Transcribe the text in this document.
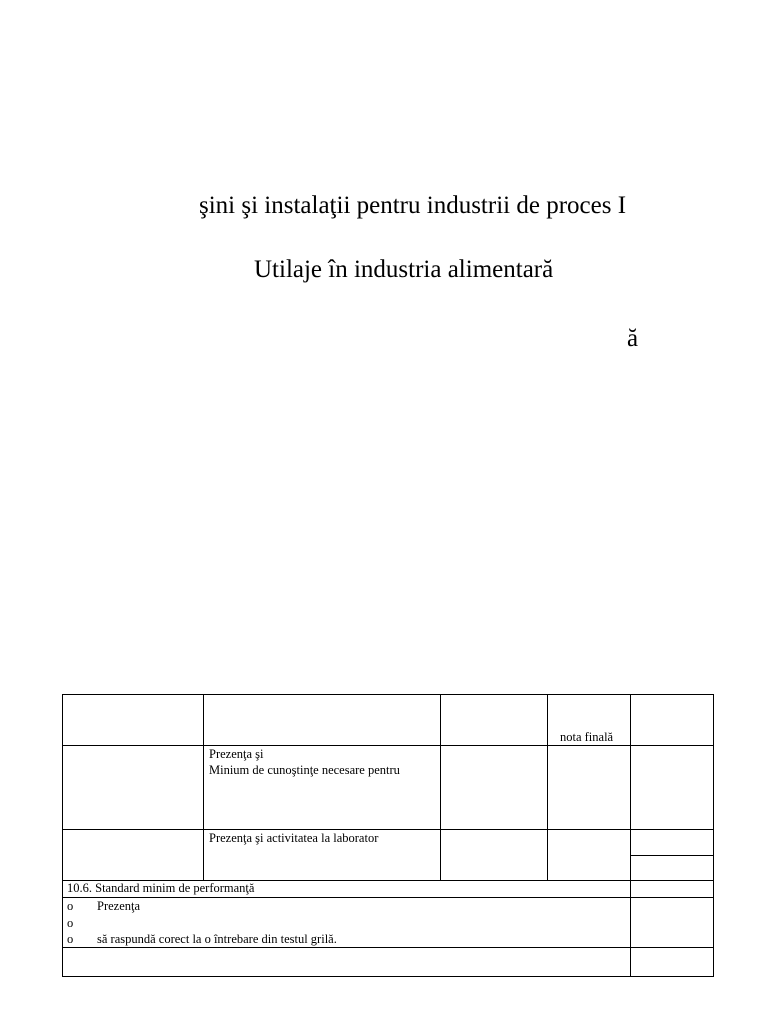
şini şi instalaţii pentru industrii de proces I
Utilaje în industria alimentară
ă
nota finală
Prezenţa şi
Minium de cunoştinţe necesare pentru
Prezenţa şi activitatea la laborator
10.6. Standard minim de performanţă
o Prezenţa
o
o să raspundă corect la o întrebare din testul grilă.
